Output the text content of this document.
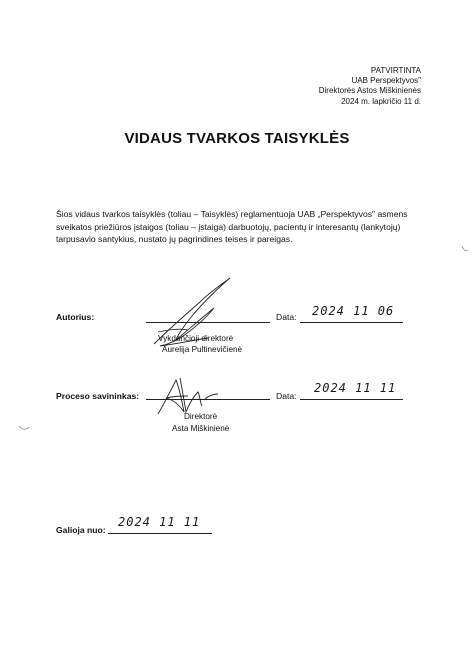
PATVIRTINTA
UAB Perspektyvos"
Direktorės Astos Miškinienės
2024 m. lapkričio 11 d.
VIDAUS TVARKOS TAISYKLĖS
Šios vidaus tvarkos taisyklės (toliau – Taisyklės) reglamentuoja UAB „Perspektyvos" asmens sveikatos priežiūros įstaigos (toliau – įstaiga) darbuotojų, pacientų ir interesantų (lankytojų) tarpusavio santykius, nustato jų pagrindines teises ir pareigas.
Autorius:	Data: 2024 11 06
Vykdančioji direktorė
Aurelija Pultinevičienė
Proceso savininkas:	Data:
2024 11 11
Direktorė
Asta Miškinienė
Galioja nuo:
2024 11 11
